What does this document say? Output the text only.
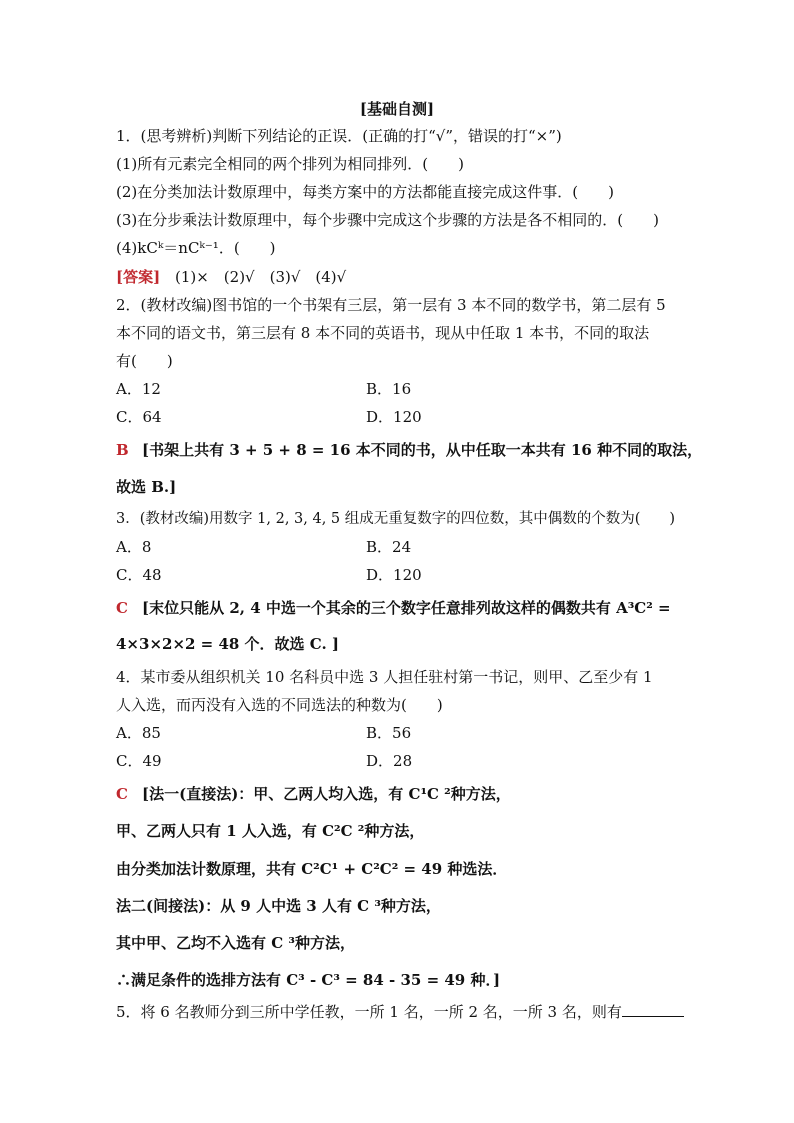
[基础自测]
1．(思考辨析)判断下列结论的正误．(正确的打“√”，错误的打“×”)
(1)所有元素完全相同的两个排列为相同排列．(　　)
(2)在分类加法计数原理中，每类方案中的方法都能直接完成这件事．(　　)
(3)在分步乘法计数原理中，每个步骤中完成这个步骤的方法是各不相同的．(　　)
(4)kCᵏ＝nCᵏ⁻¹．(　　)
[答案] (1)×　(2)√　(3)√　(4)√
2．(教材改编)图书馆的一个书架有三层，第一层有 3 本不同的数学书，第二层有 5
本不同的语文书，第三层有 8 本不同的英语书，现从中任取 1 本书，不同的取法
有(　　)
A．12	B．16
C．64	D．120
B [书架上共有 3 + 5 + 8 = 16 本不同的书，从中任取一本共有 16 种不同的取法，
故选 B.]
3．(教材改编)用数字 1, 2, 3, 4, 5 组成无重复数字的四位数，其中偶数的个数为(　　)
A．8	B．24
C．48	D．120
C [末位只能从 2, 4 中选一个其余的三个数字任意排列故这样的偶数共有 A³C² =
4×3×2×2 = 48 个．故选 C. ]
4．某市委从组织机关 10 名科员中选 3 人担任驻村第一书记，则甲、乙至少有 1
人入选，而丙没有入选的不同选法的种数为(　　)
A．85	B．56
C．49	D．28
C [法一(直接法)：甲、乙两人均入选，有 C¹C ²种方法，
甲、乙两人只有 1 人入选，有 C²C ²种方法，
由分类加法计数原理，共有 C²C¹ + C²C² = 49 种选法．
法二(间接法)：从 9 人中选 3 人有 C ³种方法，
其中甲、乙均不入选有 C ³种方法，
∴满足条件的选排方法有 C³ - C³ = 84 - 35 = 49 种．]
5．将 6 名教师分到三所中学任教，一所 1 名，一所 2 名，一所 3 名，则有
